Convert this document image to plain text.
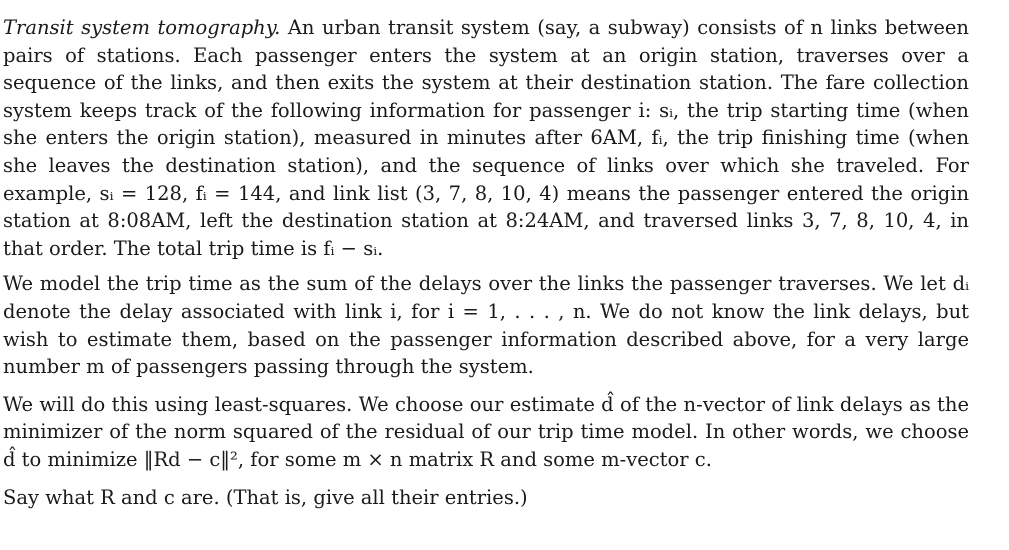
Transit system tomography. An urban transit system (say, a subway) consists of n links between pairs of stations. Each passenger enters the system at an origin station, traverses over a sequence of the links, and then exits the system at their destination station. The fare collection system keeps track of the following information for passenger i: sᵢ, the trip starting time (when she enters the origin station), measured in minutes after 6AM, fᵢ, the trip finishing time (when she leaves the destination station), and the sequence of links over which she traveled. For example, sᵢ = 128, fᵢ = 144, and link list (3, 7, 8, 10, 4) means the passenger entered the origin station at 8:08AM, left the destination station at 8:24AM, and traversed links 3, 7, 8, 10, 4, in that order. The total trip time is fᵢ − sᵢ.

We model the trip time as the sum of the delays over the links the passenger traverses. We let dᵢ denote the delay associated with link i, for i = 1, . . . , n. We do not know the link delays, but wish to estimate them, based on the passenger information described above, for a very large number m of passengers passing through the system.

We will do this using least-squares. We choose our estimate d̂ of the n-vector of link delays as the minimizer of the norm squared of the residual of our trip time model. In other words, we choose d̂ to minimize ‖Rd − c‖², for some m × n matrix R and some m-vector c.

Say what R and c are. (That is, give all their entries.)
